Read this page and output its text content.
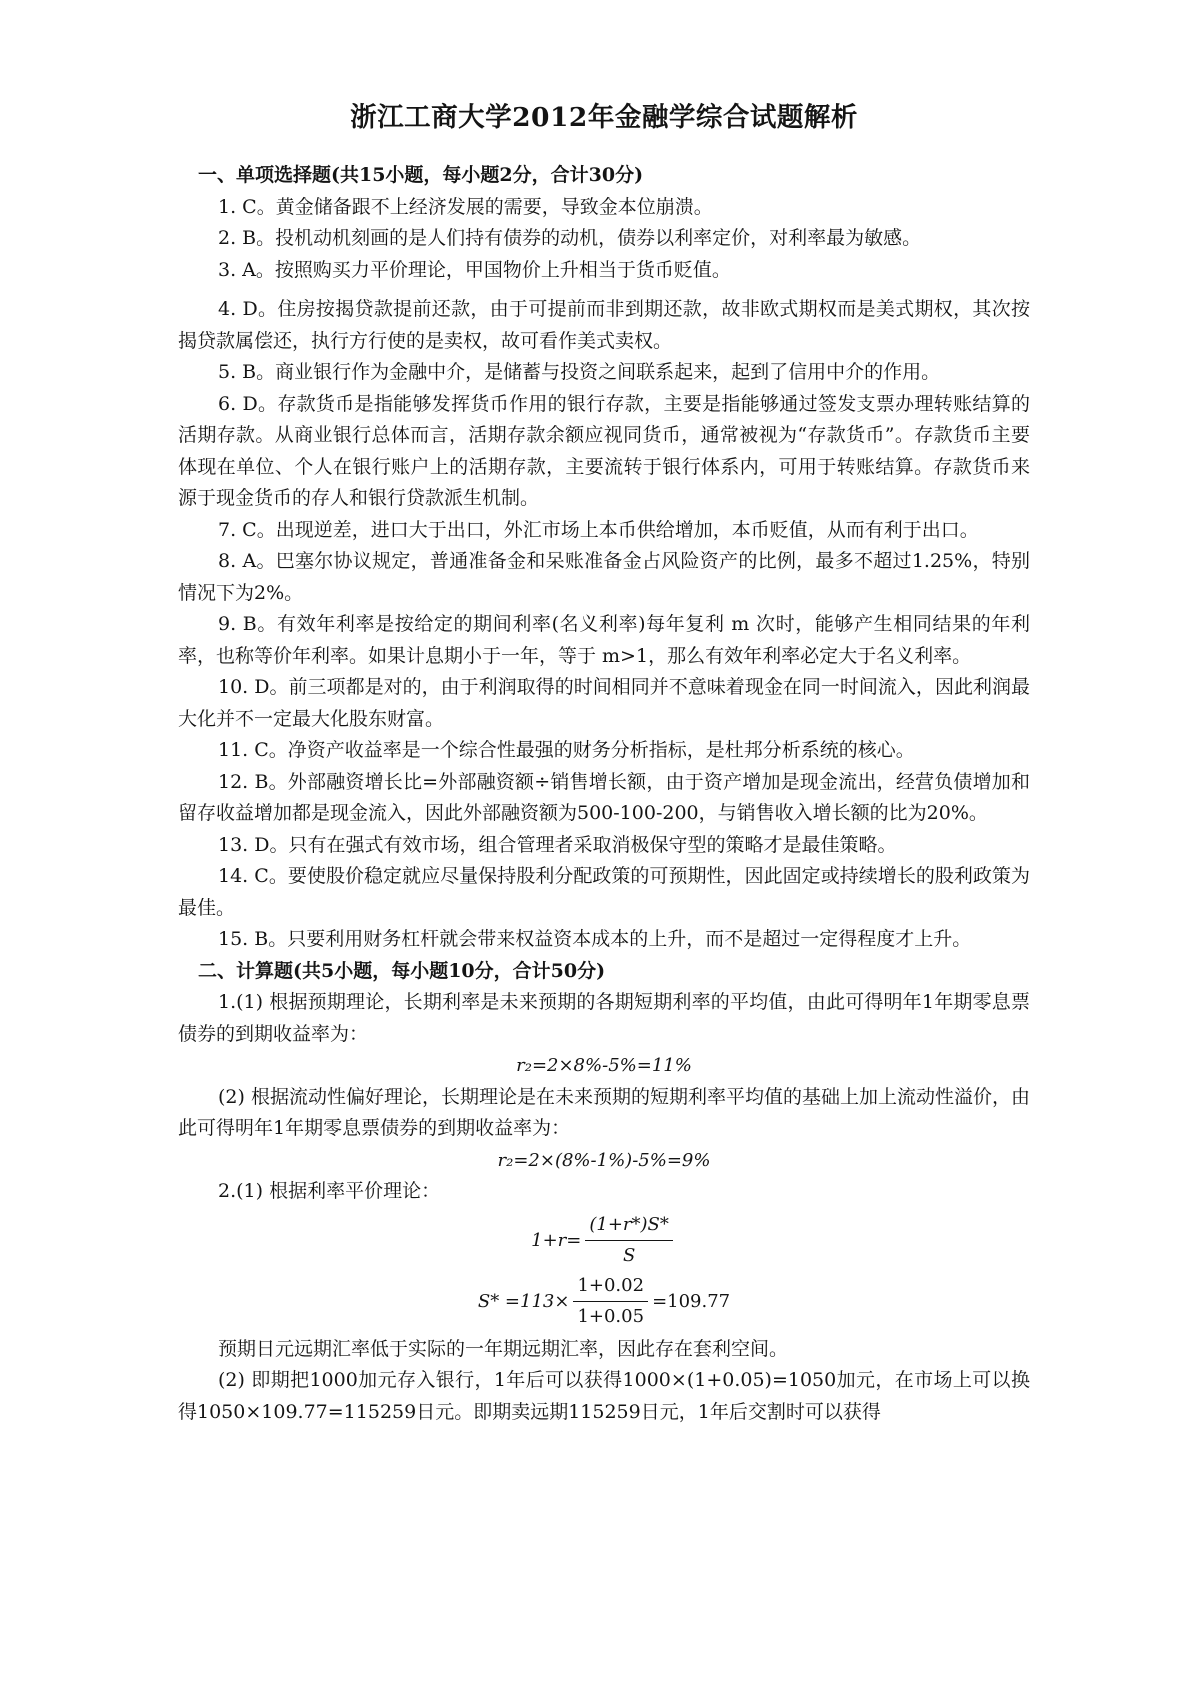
浙江工商大学2012年金融学综合试题解析
一、单项选择题(共15小题，每小题2分，合计30分)

1. C。黄金储备跟不上经济发展的需要，导致金本位崩溃。

2. B。投机动机刻画的是人们持有债券的动机，债券以利率定价，对利率最为敏感。

3. A。按照购买力平价理论，甲国物价上升相当于货币贬值。

4. D。住房按揭贷款提前还款，由于可提前而非到期还款，故非欧式期权而是美式期权，其次按揭贷款属偿还，执行方行使的是卖权，故可看作美式卖权。

5. B。商业银行作为金融中介，是储蓄与投资之间联系起来，起到了信用中介的作用。

6. D。存款货币是指能够发挥货币作用的银行存款，主要是指能够通过签发支票办理转账结算的活期存款。从商业银行总体而言，活期存款余额应视同货币，通常被视为“存款货币”。存款货币主要体现在单位、个人在银行账户上的活期存款，主要流转于银行体系内，可用于转账结算。存款货币来源于现金货币的存人和银行贷款派生机制。

7. C。出现逆差，进口大于出口，外汇市场上本币供给增加，本币贬值，从而有利于出口。

8. A。巴塞尔协议规定，普通准备金和呆账准备金占风险资产的比例，最多不超过1.25%，特别情况下为2%。

9. B。有效年利率是按给定的期间利率(名义利率)每年复利 m 次时，能够产生相同结果的年利率，也称等价年利率。如果计息期小于一年，等于 m>1，那么有效年利率必定大于名义利率。

10. D。前三项都是对的，由于利润取得的时间相同并不意味着现金在同一时间流入，因此利润最大化并不一定最大化股东财富。

11. C。净资产收益率是一个综合性最强的财务分析指标，是杜邦分析系统的核心。

12. B。外部融资增长比=外部融资额÷销售增长额，由于资产增加是现金流出，经营负债增加和留存收益增加都是现金流入，因此外部融资额为500-100-200，与销售收入增长额的比为20%。

13. D。只有在强式有效市场，组合管理者采取消极保守型的策略才是最佳策略。

14. C。要使股价稳定就应尽量保持股利分配政策的可预期性，因此固定或持续增长的股利政策为最佳。

15. B。只要利用财务杠杆就会带来权益资本成本的上升，而不是超过一定得程度才上升。

二、计算题(共5小题，每小题10分，合计50分)

1.(1) 根据预期理论，长期利率是未来预期的各期短期利率的平均值，由此可得明年1年期零息票债券的到期收益率为：

r₂=2×8%-5%=11%

(2) 根据流动性偏好理论，长期理论是在未来预期的短期利率平均值的基础上加上流动性溢价，由此可得明年1年期零息票债券的到期收益率为：

r₂=2×(8%-1%)-5%=9%

2.(1) 根据利率平价理论：

$1+r= \frac{(1+r*)S*}{S}$
$S* =113\times \frac{1+0.02}{1+0.05} =109.77$

预期日元远期汇率低于实际的一年期远期汇率，因此存在套利空间。

(2) 即期把1000加元存入银行，1年后可以获得1000×(1+0.05)=1050加元，在市场上可以换得1050×109.77=115259日元。即期卖远期115259日元，1年后交割时可以获得
